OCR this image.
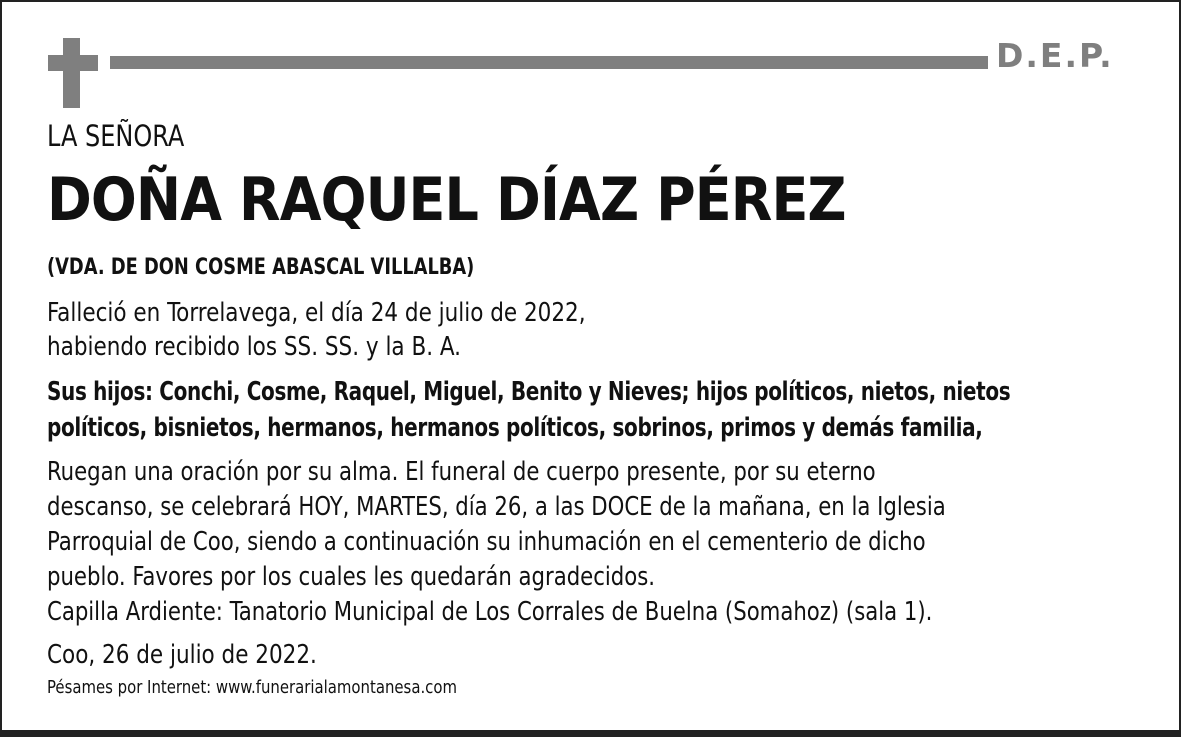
D.E.P.
LA SEÑORA
DOÑA RAQUEL DÍAZ PÉREZ
(VDA. DE DON COSME ABASCAL VILLALBA)
Falleció en Torrelavega, el día 24 de julio de 2022,
habiendo recibido los SS. SS. y la B. A.
Sus hijos: Conchi, Cosme, Raquel, Miguel, Benito y Nieves; hijos políticos, nietos, nietos
políticos, bisnietos, hermanos, hermanos políticos, sobrinos, primos y demás familia,
Ruegan una oración por su alma. El funeral de cuerpo presente, por su eterno
descanso, se celebrará HOY, MARTES, día 26, a las DOCE de la mañana, en la Iglesia
Parroquial de Coo, siendo a continuación su inhumación en el cementerio de dicho
pueblo. Favores por los cuales les quedarán agradecidos.
Capilla Ardiente: Tanatorio Municipal de Los Corrales de Buelna (Somahoz) (sala 1).
Coo, 26 de julio de 2022.
Pésames por Internet: www.funerarialamontanesa.com
